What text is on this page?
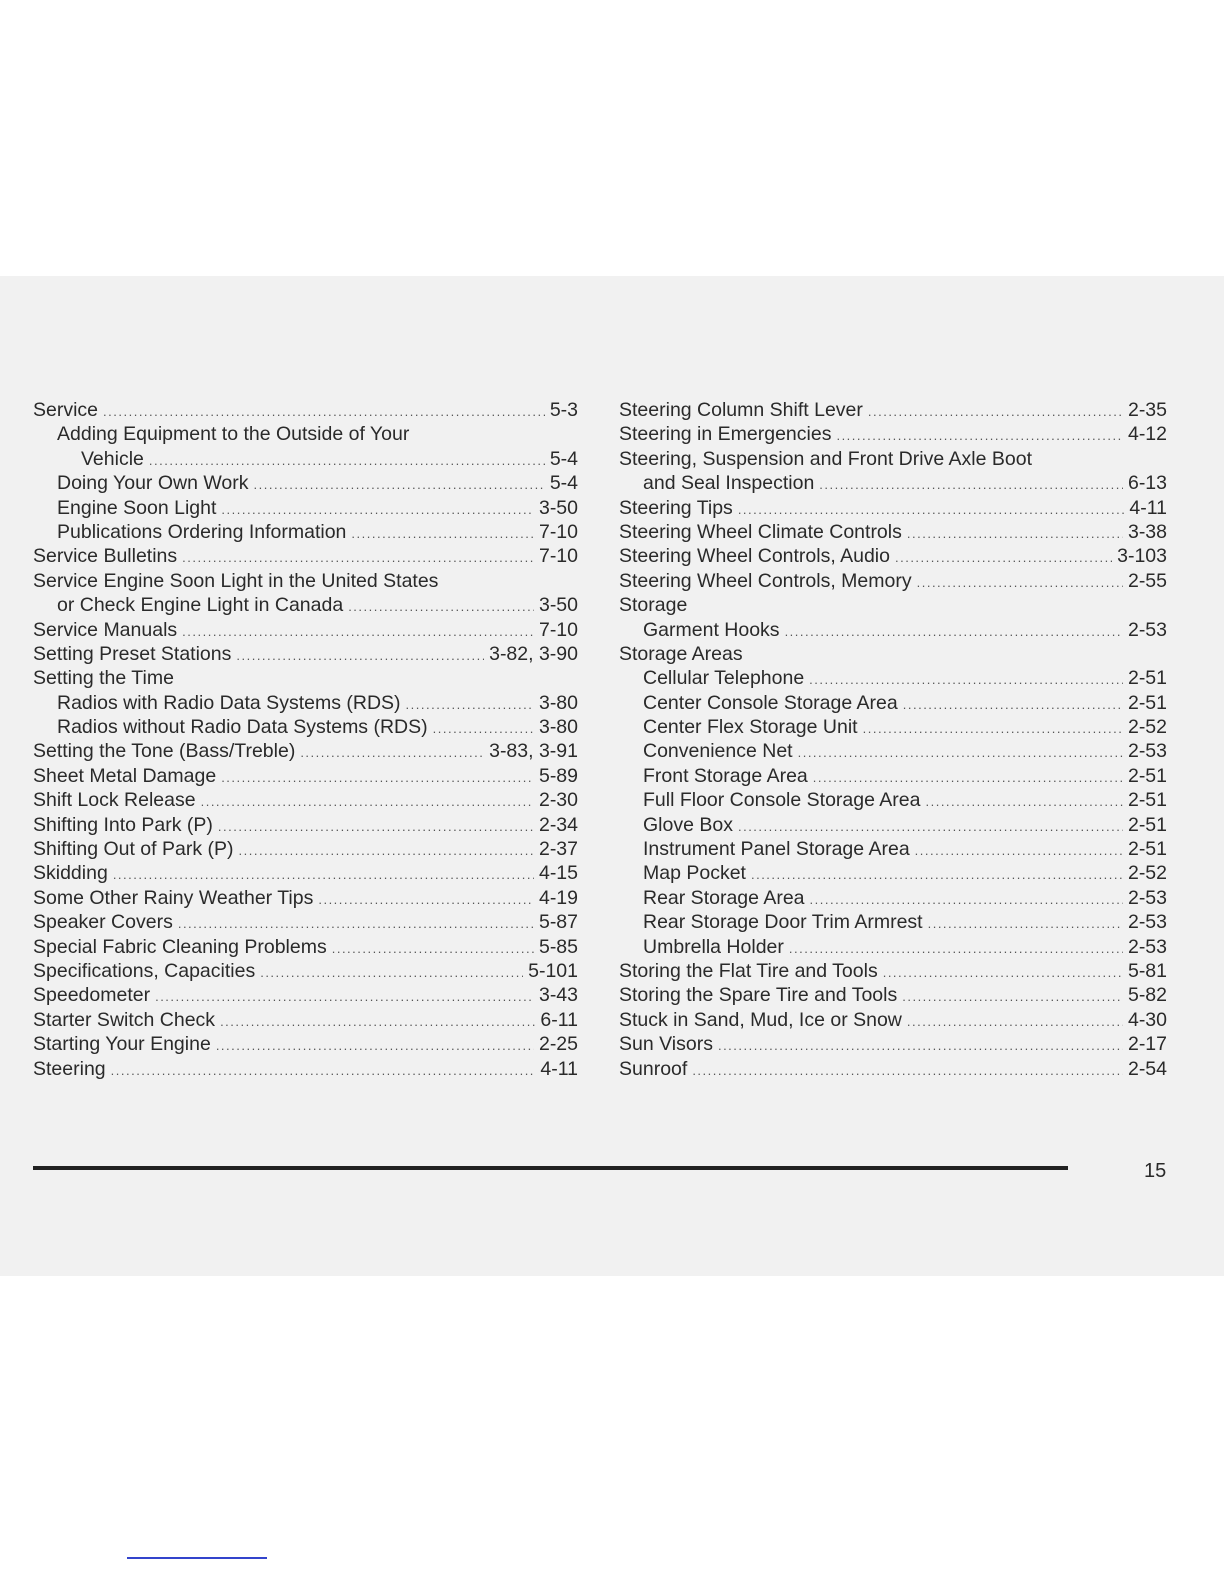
Service .....	5-3
Adding Equipment to the Outside of Your
Vehicle .....	5-4
Doing Your Own Work .....	5-4
Engine Soon Light .....	3-50
Publications Ordering Information .....	7-10
Service Bulletins .....	7-10
Service Engine Soon Light in the United States
or Check Engine Light in Canada .....	3-50
Service Manuals .....	7-10
Setting Preset Stations .....	3-82, 3-90
Setting the Time
Radios with Radio Data Systems (RDS) .....	3-80
Radios without Radio Data Systems (RDS) .....	3-80
Setting the Tone (Bass/Treble) .....	3-83, 3-91
Sheet Metal Damage .....	5-89
Shift Lock Release .....	2-30
Shifting Into Park (P) .....	2-34
Shifting Out of Park (P) .....	2-37
Skidding .....	4-15
Some Other Rainy Weather Tips .....	4-19
Speaker Covers .....	5-87
Special Fabric Cleaning Problems .....	5-85
Specifications, Capacities .....	5-101
Speedometer .....	3-43
Starter Switch Check .....	6-11
Starting Your Engine .....	2-25
Steering .....	4-11
Steering Column Shift Lever .....	2-35
Steering in Emergencies .....	4-12
Steering, Suspension and Front Drive Axle Boot
and Seal Inspection .....	6-13
Steering Tips .....	4-11
Steering Wheel Climate Controls .....	3-38
Steering Wheel Controls, Audio .....	3-103
Steering Wheel Controls, Memory .....	2-55
Storage
Garment Hooks .....	2-53
Storage Areas
Cellular Telephone .....	2-51
Center Console Storage Area .....	2-51
Center Flex Storage Unit .....	2-52
Convenience Net .....	2-53
Front Storage Area .....	2-51
Full Floor Console Storage Area .....	2-51
Glove Box .....	2-51
Instrument Panel Storage Area .....	2-51
Map Pocket .....	2-52
Rear Storage Area .....	2-53
Rear Storage Door Trim Armrest .....	2-53
Umbrella Holder .....	2-53
Storing the Flat Tire and Tools .....	5-81
Storing the Spare Tire and Tools .....	5-82
Stuck in Sand, Mud, Ice or Snow .....	4-30
Sun Visors .....	2-17
Sunroof .....	2-54
15
